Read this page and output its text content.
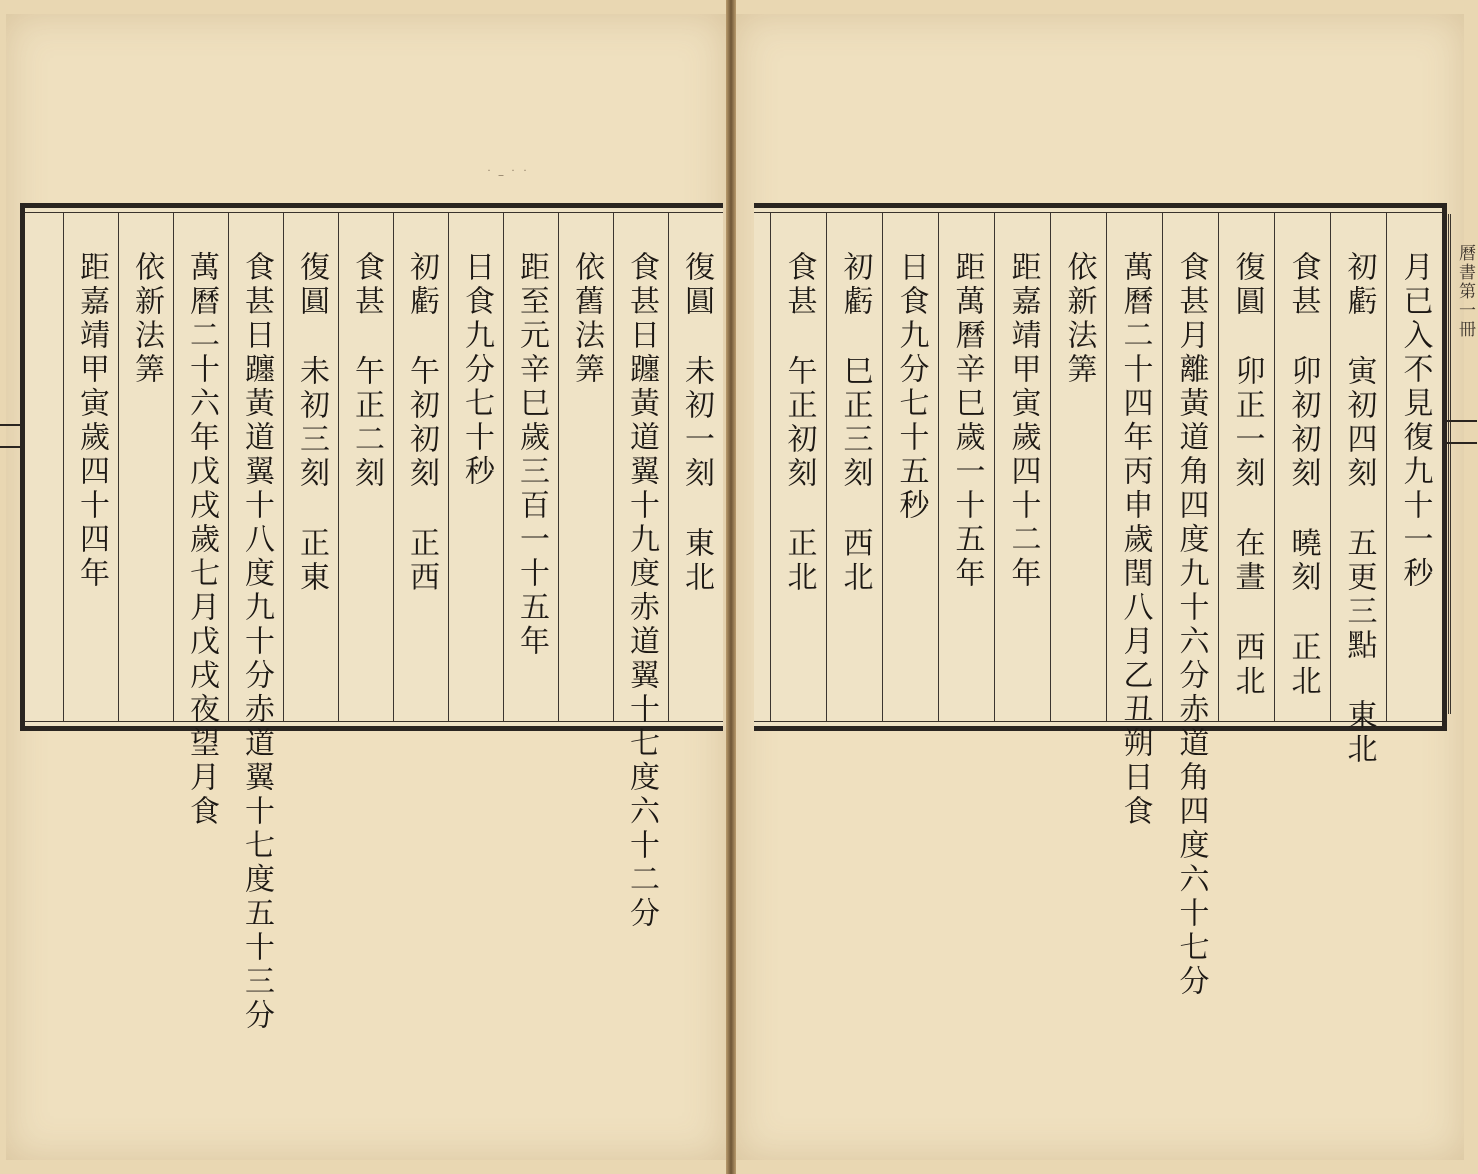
˙–˙˙
曆書第一冊
復圓未初一刻東北
食甚日躔黃道翼十九度赤道翼十七度六十二分
依舊法筭
距至元辛巳歲三百一十五年
日食九分七十秒
初虧午初初刻正西
食甚午正二刻
復圓未初三刻正東
食甚日躔黃道翼十八度九十分赤道翼十七度五十三分
萬曆二十六年戊戌歲七月戊戌夜望月食
依新法筭
距嘉靖甲寅歲四十四年	月已入不見復九十一秒
初虧寅初四刻五更三點東北
食甚卯初初刻曉刻正北
復圓卯正一刻在晝西北
食甚月離黃道角四度九十六分赤道角四度六十七分
萬曆二十四年丙申歲閏八月乙丑朔日食
依新法筭
距嘉靖甲寅歲四十二年
距萬曆辛巳歲一十五年
日食九分七十五秒
初虧巳正三刻西北
食甚午正初刻正北
